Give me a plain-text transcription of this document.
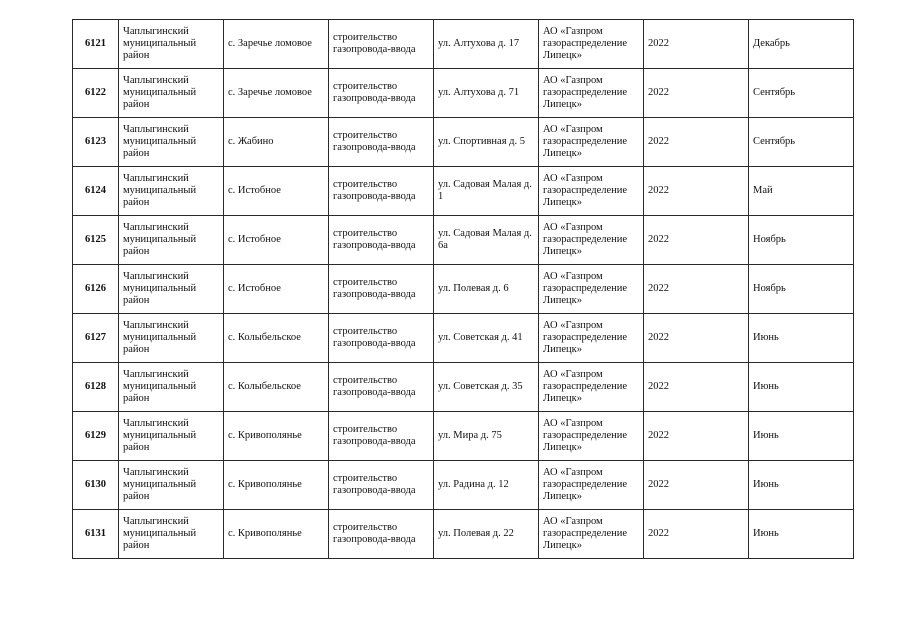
6121	Чаплыгинский муниципальный район	с. Заречье ломовое	строительство газопровода-ввода	ул. Алтухова д. 17	АО «Газпром газораспределение Липецк»	2022	Декабрь
6122	Чаплыгинский муниципальный район	с. Заречье ломовое	строительство газопровода-ввода	ул. Алтухова д. 71	АО «Газпром газораспределение Липецк»	2022	Сентябрь
6123	Чаплыгинский муниципальный район	с. Жабино	строительство газопровода-ввода	ул. Спортивная д. 5	АО «Газпром газораспределение Липецк»	2022	Сентябрь
6124	Чаплыгинский муниципальный район	с. Истобное	строительство газопровода-ввода	ул. Садовая Малая д. 1	АО «Газпром газораспределение Липецк»	2022	Май
6125	Чаплыгинский муниципальный район	с. Истобное	строительство газопровода-ввода	ул. Садовая Малая д. 6а	АО «Газпром газораспределение Липецк»	2022	Ноябрь
6126	Чаплыгинский муниципальный район	с. Истобное	строительство газопровода-ввода	ул. Полевая д. 6	АО «Газпром газораспределение Липецк»	2022	Ноябрь
6127	Чаплыгинский муниципальный район	с. Колыбельское	строительство газопровода-ввода	ул. Советская д. 41	АО «Газпром газораспределение Липецк»	2022	Июнь
6128	Чаплыгинский муниципальный район	с. Колыбельское	строительство газопровода-ввода	ул. Советская д. 35	АО «Газпром газораспределение Липецк»	2022	Июнь
6129	Чаплыгинский муниципальный район	с. Кривополянье	строительство газопровода-ввода	ул. Мира д. 75	АО «Газпром газораспределение Липецк»	2022	Июнь
6130	Чаплыгинский муниципальный район	с. Кривополянье	строительство газопровода-ввода	ул. Радина д. 12	АО «Газпром газораспределение Липецк»	2022	Июнь
6131	Чаплыгинский муниципальный район	с. Кривополянье	строительство газопровода-ввода	ул. Полевая д. 22	АО «Газпром газораспределение Липецк»	2022	Июнь
